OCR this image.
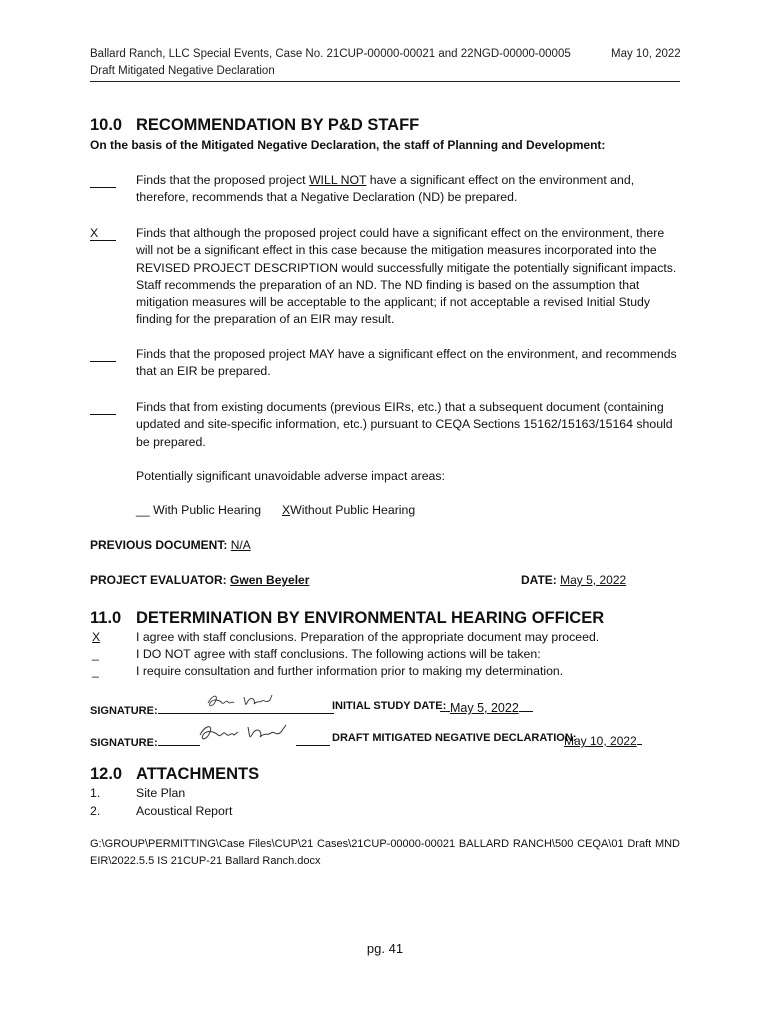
Ballard Ranch, LLC Special Events, Case No. 21CUP-00000-00021 and 22NGD-00000-00005	May 10, 2022
Draft Mitigated Negative Declaration
10.0 RECOMMENDATION BY P&D STAFF
On the basis of the Mitigated Negative Declaration, the staff of Planning and Development:
Finds that the proposed project WILL NOT have a significant effect on the environment and, therefore, recommends that a Negative Declaration (ND) be prepared.
X	Finds that although the proposed project could have a significant effect on the environment, there will not be a significant effect in this case because the mitigation measures incorporated into the REVISED PROJECT DESCRIPTION would successfully mitigate the potentially significant impacts. Staff recommends the preparation of an ND. The ND finding is based on the assumption that mitigation measures will be acceptable to the applicant; if not acceptable a revised Initial Study finding for the preparation of an EIR may result.
Finds that the proposed project MAY have a significant effect on the environment, and recommends that an EIR be prepared.
Finds that from existing documents (previous EIRs, etc.) that a subsequent document (containing updated and site-specific information, etc.) pursuant to CEQA Sections 15162/15163/15164 should be prepared.
Potentially significant unavoidable adverse impact areas:
__ With Public Hearing XWithout Public Hearing
PREVIOUS DOCUMENT: N/A
PROJECT EVALUATOR: Gwen Beyeler	DATE: May 5, 2022
11.0 DETERMINATION BY ENVIRONMENTAL HEARING OFFICER
X	I agree with staff conclusions. Preparation of the appropriate document may proceed.
_	I DO NOT agree with staff conclusions. The following actions will be taken:
_	I require consultation and further information prior to making my determination.
SIGNATURE:	INITIAL STUDY DATE: May 5, 2022
SIGNATURE:	DRAFT MITIGATED NEGATIVE DECLARATION:
May 10, 2022
12.0 ATTACHMENTS
1.	Site Plan
2.	Acoustical Report
G:\GROUP\PERMITTING\Case Files\CUP\21 Cases\21CUP-00000-00021 BALLARD RANCH\500 CEQA\01 Draft MND EIR\2022.5.5 IS 21CUP-21 Ballard Ranch.docx
pg. 41
